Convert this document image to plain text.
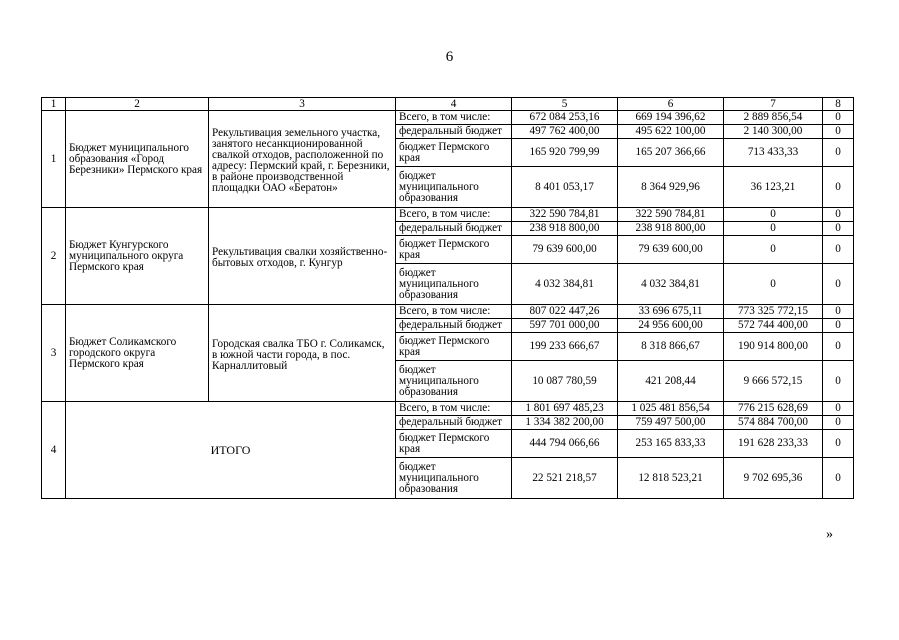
6
1	2	3	4	5	6	7	8
1	Бюджет муниципального образования «Город Березники» Пермского края	Рекультивация земельного участка, занятого несанкционированной свалкой отходов, расположенной по адресу: Пермский край, г. Березники, в районе производственной площадки ОАО «Бератон»	Всего, в том числе:	672 084 253,16	669 194 396,62	2 889 856,54	0
			федеральный бюджет	497 762 400,00	495 622 100,00	2 140 300,00	0
			бюджет Пермского края	165 920 799,99	165 207 366,66	713 433,33	0
			бюджет муниципального образования	8 401 053,17	8 364 929,96	36 123,21	0
2	Бюджет Кунгурского муниципального округа Пермского края	Рекультивация свалки хозяйственно-бытовых отходов, г. Кунгур	Всего, в том числе:	322 590 784,81	322 590 784,81	0	0
			федеральный бюджет	238 918 800,00	238 918 800,00	0	0
			бюджет Пермского края	79 639 600,00	79 639 600,00	0	0
			бюджет муниципального образования	4 032 384,81	4 032 384,81	0	0
3	Бюджет Соликамского городского округа Пермского края	Городская свалка ТБО г. Соликамск, в южной части города, в пос. Карналлитовый	Всего, в том числе:	807 022 447,26	33 696 675,11	773 325 772,15	0
			федеральный бюджет	597 701 000,00	24 956 600,00	572 744 400,00	0
			бюджет Пермского края	199 233 666,67	8 318 866,67	190 914 800,00	0
			бюджет муниципального образования	10 087 780,59	421 208,44	9 666 572,15	0
4	ИТОГО		Всего, в том числе:	1 801 697 485,23	1 025 481 856,54	776 215 628,69	0
			федеральный бюджет	1 334 382 200,00	759 497 500,00	574 884 700,00	0
			бюджет Пермского края	444 794 066,66	253 165 833,33	191 628 233,33	0
			бюджет муниципального образования	22 521 218,57	12 818 523,21	9 702 695,36	0
»
